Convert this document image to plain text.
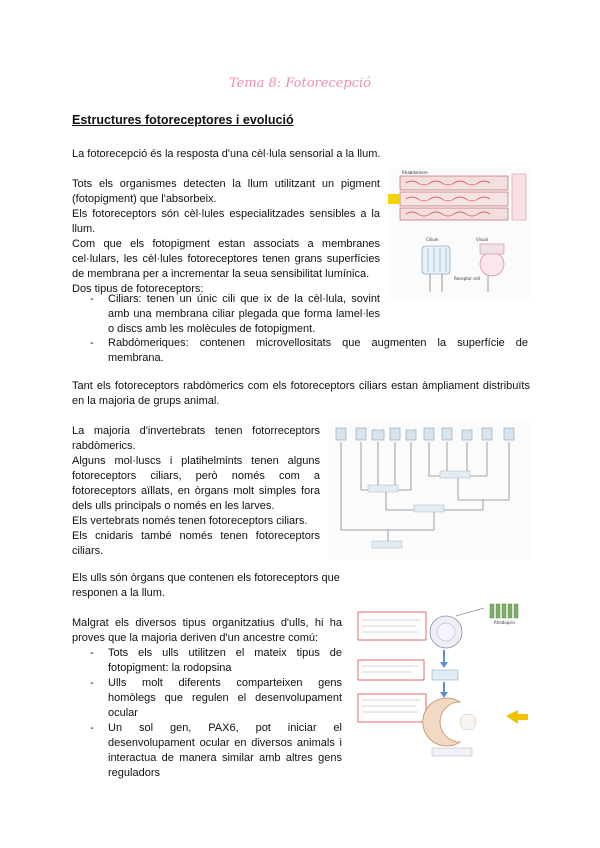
Tema 8: Fotorecepció
Estructures fotoreceptores i evolució

La fotorecepció és la resposta d'una cèl·lula sensorial a la llum.

Tots els organismes detecten la llum utilitzant un pigment (fotopigment) que l'absorbeix.

Els fotoreceptors són cèl·lules especialitzades sensibles a la llum.

Com que els fotopigment estan associats a membranes cel·lulars, les cèl·lules fotoreceptores tenen grans superfícies de membrana per a incrementar la seua sensibilitat lumínica.

Dos tipus de fotoreceptors:

- Ciliars: tenen un únic cili que ix de la cèl·lula, sovint amb una membrana ciliar plegada que forma lamel·les o discs amb les molècules de fotopigment.
- Rabdòmeriques: contenen microvellositats que augmenten la superfície de membrana.
Rhabdomere
Cilium	Visual
Receptor cell

Tant els fotoreceptors rabdòmerics com els fotoreceptors ciliars estan àmpliament distribuïts en la majoria de grups animal.

La majoria d'invertebrats tenen fotorreceptors rabdòmerics.

Alguns mol·luscs i platihelmints tenen alguns fotoreceptors ciliars, però només com a fotoreceptors aïllats, en òrgans molt simples fora dels ulls principals o només en les larves.

Els vertebrats només tenen fotoreceptors ciliars.

Els cnidaris també només tenen fotoreceptors ciliars.

Els ulls són òrgans que contenen els fotoreceptors que responen a la llum.

Malgrat els diversos tipus organitzatius d'ulls, hi ha proves que la majoria deriven d'un ancestre comú:

- Tots els ulls utilitzen el mateix tipus de fotopigment: la rodopsina
- Ulls molt diferents comparteixen gens homòlegs que regulen el desenvolupament ocular
- Un sol gen, PAX6, pot iniciar el desenvolupament ocular en diversos animals i interactua de manera similar amb altres gens reguladors
Rhodopsin
